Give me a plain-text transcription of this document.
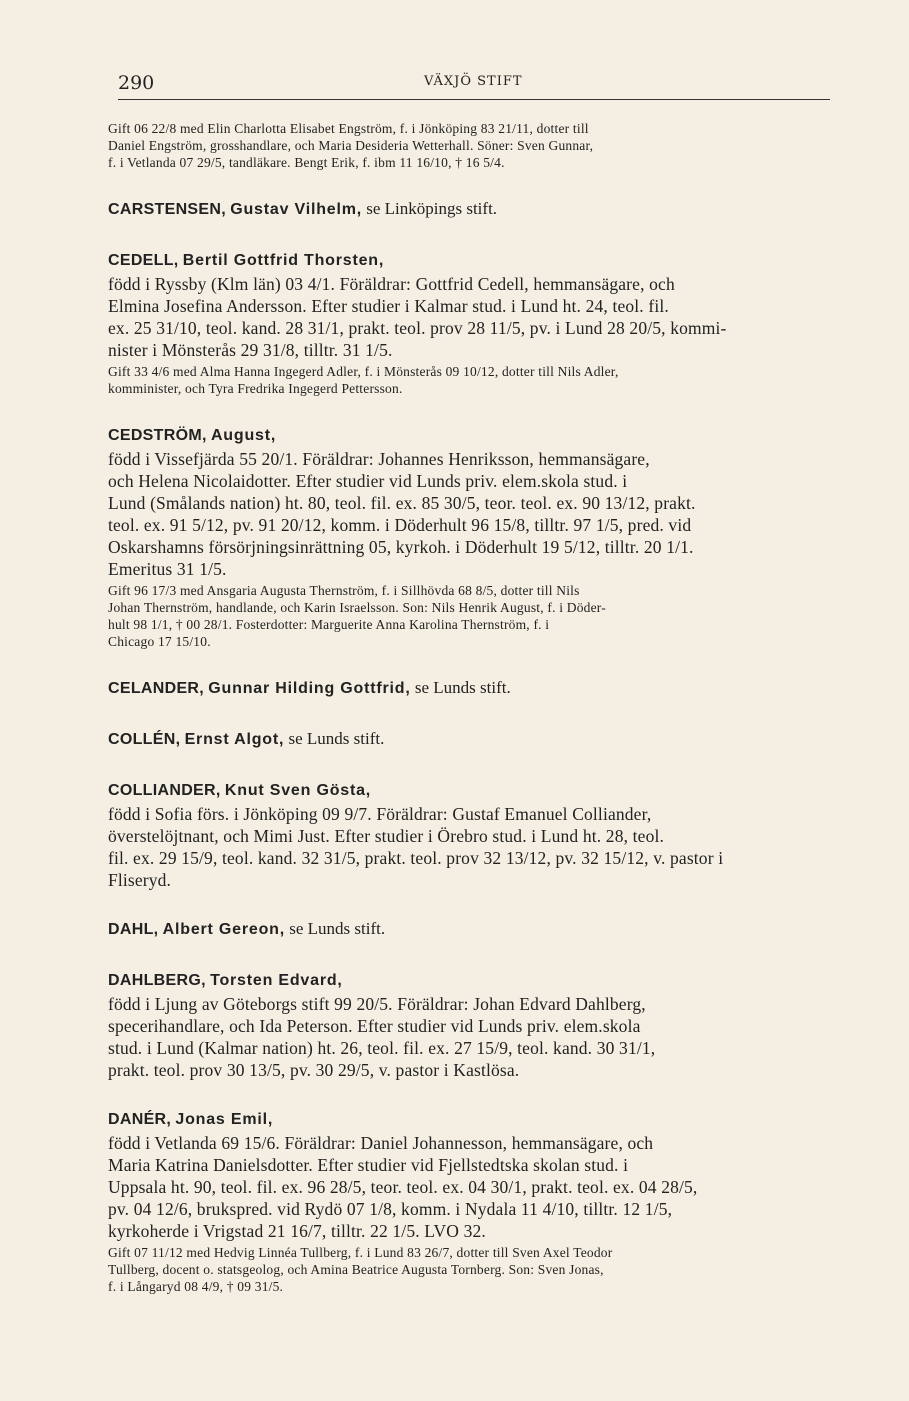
290	VÄXJÖ STIFT
Gift 06 22/8 med Elin Charlotta Elisabet Engström, f. i Jönköping 83 21/11, dotter till
Daniel Engström, grosshandlare, och Maria Desideria Wetterhall. Söner: Sven Gunnar,
f. i Vetlanda 07 29/5, tandläkare. Bengt Erik, f. ibm 11 16/10, † 16 5/4.
CARSTENSEN, Gustav Vilhelm, se Linköpings stift.
CEDELL, Bertil Gottfrid Thorsten,
född i Ryssby (Klm län) 03 4/1. Föräldrar: Gottfrid Cedell, hemmansägare, och
Elmina Josefina Andersson. Efter studier i Kalmar stud. i Lund ht. 24, teol. fil.
ex. 25 31/10, teol. kand. 28 31/1, prakt. teol. prov 28 11/5, pv. i Lund 28 20/5, kommi-
nister i Mönsterås 29 31/8, tilltr. 31 1/5.
Gift 33 4/6 med Alma Hanna Ingegerd Adler, f. i Mönsterås 09 10/12, dotter till Nils Adler,
komminister, och Tyra Fredrika Ingegerd Pettersson.
CEDSTRÖM, August,
född i Vissefjärda 55 20/1. Föräldrar: Johannes Henriksson, hemmansägare,
och Helena Nicolaidotter. Efter studier vid Lunds priv. elem.skola stud. i
Lund (Smålands nation) ht. 80, teol. fil. ex. 85 30/5, teor. teol. ex. 90 13/12, prakt.
teol. ex. 91 5/12, pv. 91 20/12, komm. i Döderhult 96 15/8, tilltr. 97 1/5, pred. vid
Oskarshamns försörjningsinrättning 05, kyrkoh. i Döderhult 19 5/12, tilltr. 20 1/1.
Emeritus 31 1/5.
Gift 96 17/3 med Ansgaria Augusta Thernström, f. i Sillhövda 68 8/5, dotter till Nils
Johan Thernström, handlande, och Karin Israelsson. Son: Nils Henrik August, f. i Döder-
hult 98 1/1, † 00 28/1. Fosterdotter: Marguerite Anna Karolina Thernström, f. i
Chicago 17 15/10.
CELANDER, Gunnar Hilding Gottfrid, se Lunds stift.
COLLÉN, Ernst Algot, se Lunds stift.
COLLIANDER, Knut Sven Gösta,
född i Sofia förs. i Jönköping 09 9/7. Föräldrar: Gustaf Emanuel Colliander,
överstelöjtnant, och Mimi Just. Efter studier i Örebro stud. i Lund ht. 28, teol.
fil. ex. 29 15/9, teol. kand. 32 31/5, prakt. teol. prov 32 13/12, pv. 32 15/12, v. pastor i
Fliseryd.
DAHL, Albert Gereon, se Lunds stift.
DAHLBERG, Torsten Edvard,
född i Ljung av Göteborgs stift 99 20/5. Föräldrar: Johan Edvard Dahlberg,
specerihandlare, och Ida Peterson. Efter studier vid Lunds priv. elem.skola
stud. i Lund (Kalmar nation) ht. 26, teol. fil. ex. 27 15/9, teol. kand. 30 31/1,
prakt. teol. prov 30 13/5, pv. 30 29/5, v. pastor i Kastlösa.
DANÉR, Jonas Emil,
född i Vetlanda 69 15/6. Föräldrar: Daniel Johannesson, hemmansägare, och
Maria Katrina Danielsdotter. Efter studier vid Fjellstedtska skolan stud. i
Uppsala ht. 90, teol. fil. ex. 96 28/5, teor. teol. ex. 04 30/1, prakt. teol. ex. 04 28/5,
pv. 04 12/6, brukspred. vid Rydö 07 1/8, komm. i Nydala 11 4/10, tilltr. 12 1/5,
kyrkoherde i Vrigstad 21 16/7, tilltr. 22 1/5. LVO 32.
Gift 07 11/12 med Hedvig Linnéa Tullberg, f. i Lund 83 26/7, dotter till Sven Axel Teodor
Tullberg, docent o. statsgeolog, och Amina Beatrice Augusta Tornberg. Son: Sven Jonas,
f. i Långaryd 08 4/9, † 09 31/5.
